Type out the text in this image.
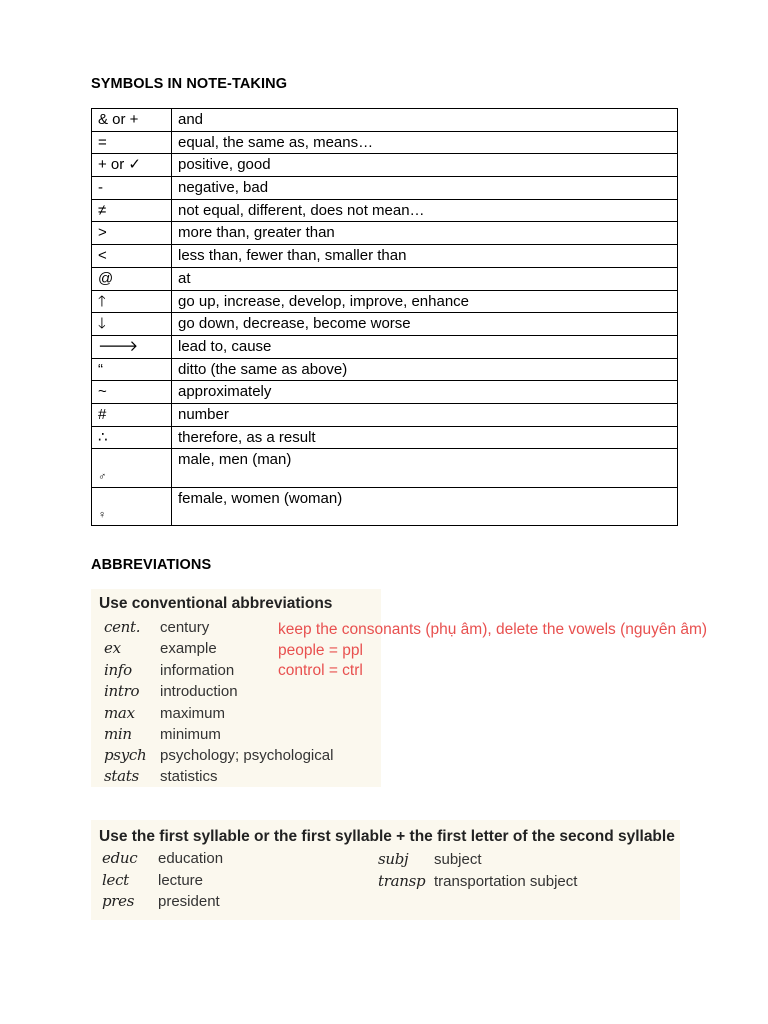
SYMBOLS IN NOTE-TAKING
& or +	and
=	equal, the same as, means…
+ or ✓	positive, good
-	negative, bad
≠	not equal, different, does not mean…
>	more than, greater than
<	less than, fewer than, smaller than
@	at
🡑	go up, increase, develop, improve, enhance
🡓	go down, decrease, become worse
🡒	lead to, cause
“	ditto (the same as above)
~	approximately
#	number
∴	therefore, as a result
♂	male, men (man)
♀	female, women (woman)
ABBREVIATIONS
Use conventional abbreviations
cent. century
ex	example
info information
intro introduction
max maximum
min minimum
psych psychology; psychological
stats statistics
keep the consonants (phụ âm), delete the vowels (nguyên âm)
people = ppl
control = ctrl
Use the first syllable or the first syllable + the first letter of the second syllable
educ education
lect lecture
pres president
subj subject
transp transportation subject
